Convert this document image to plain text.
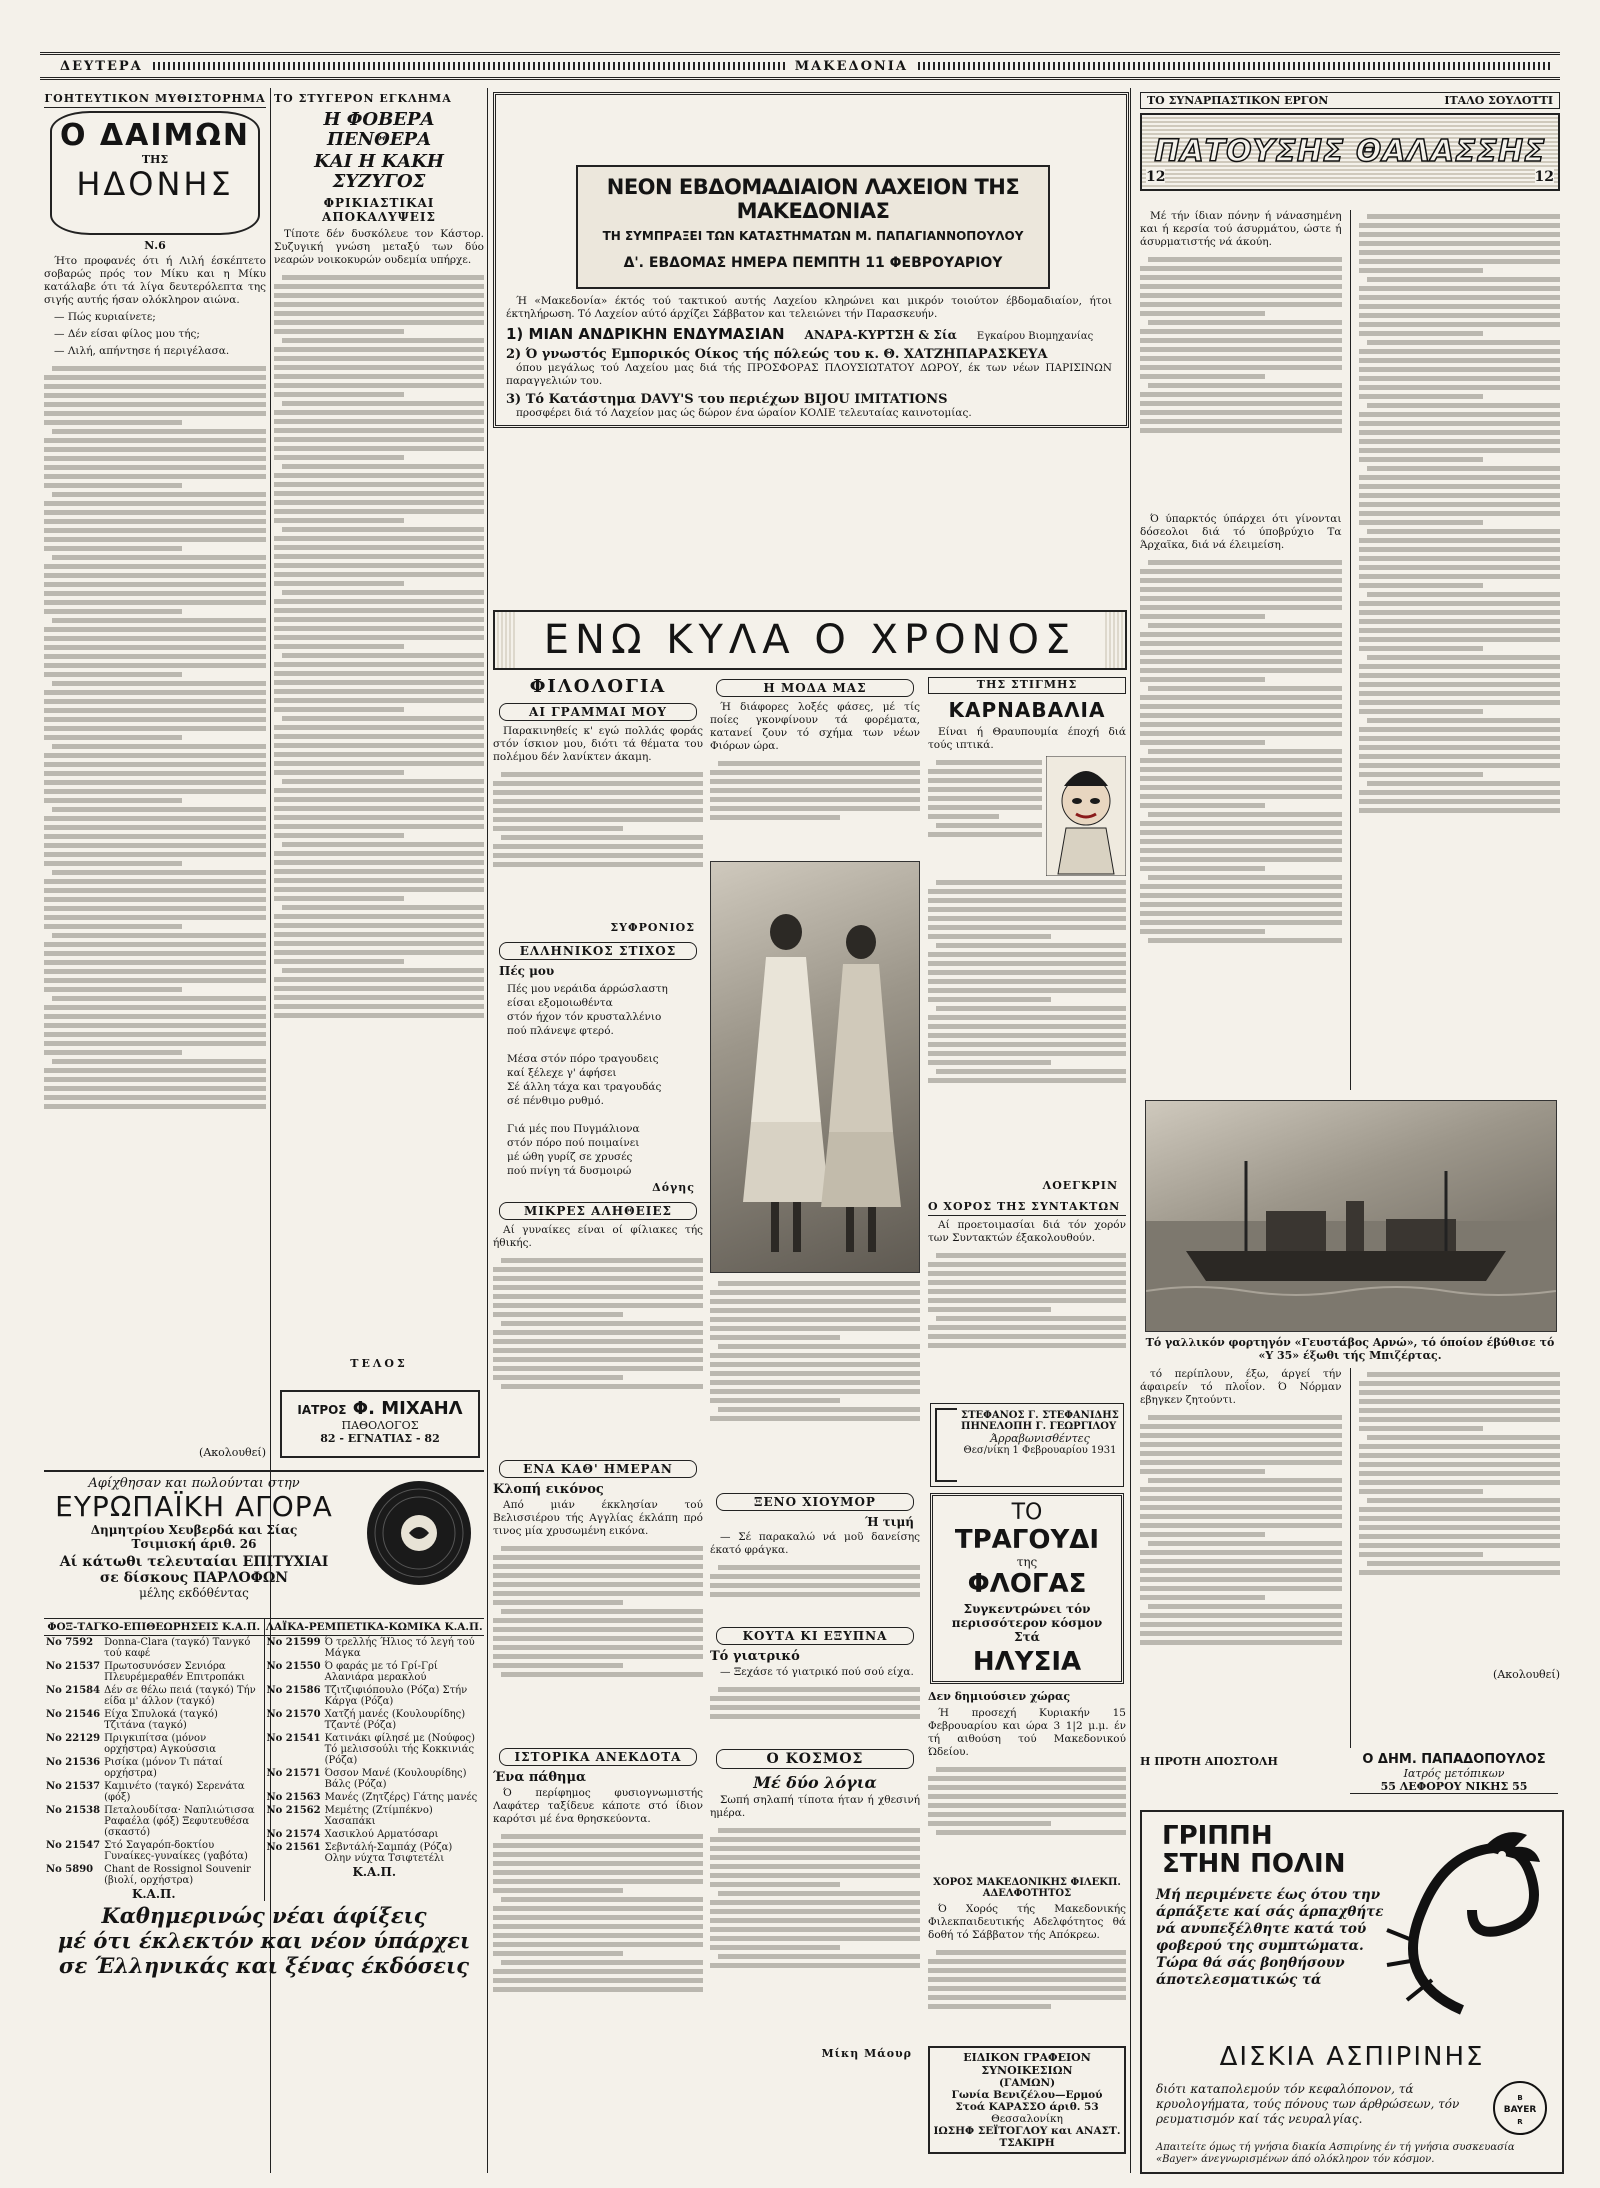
ΔΕΥΤΕΡΑ	ΜΑΚΕΔΟΝΙΑ
ΓΟΗΤΕΥΤΙΚΟΝ ΜΥΘΙΣΤΟΡΗΜΑ
Ο ΔΑΙΜΩΝ
ΤΗΣ
ΗΔΟΝΗΣ
Ν.6

Ήτο προφανές ότι ή Λιλή έσκέπτετο σοβαρώς πρός τον Μίκυ και η Μίκυ κατάλαβε ότι τά λίγα δευτερόλεπτα της σιγής αυτής ήσαν ολόκληρον αιώνα.

— Πώς κυριαίνετε;

— Δέν είσαι φίλος μου τής;

— Λιλή, απήντησε ή περιγέλασα.

(Ακολουθεί)
ΤΟ ΣΤΥΓΕΡΟΝ ΕΓΚΛΗΜΑ
Η ΦΟΒΕΡΑ ΠΕΝΘΕΡΑ
ΚΑΙ Η ΚΑΚΗ ΣΥΖΥΓΟΣ
ΦΡΙΚΙΑΣΤΙΚΑΙ ΑΠΟΚΑΛΥΨΕΙΣ

Τίποτε δέν δυσκόλευε τον Κάστορ. Συζυγική γνώση μεταξύ των δύο νεαρών νοικοκυρών ουδεμία υπήρχε.

ΤΕΛΟΣ
ΙΑΤΡΟΣ Φ. ΜΙΧΑΗΛ
ΠΑΘΟΛΟΓΟΣ
82 - ΕΓΝΑΤΙΑΣ - 82
Αφίχθησαν και πωλούνται στην
ΕΥΡΩΠΑΪΚΗ ΑΓΟΡΑ
Δημητρίου Χευβερδά και Σίας
Τσιμισκή άριθ. 26
Αί κάτωθι τελευταίαι ΕΠΙΤΥΧΙΑΙ
σε δίσκους ΠΑΡΛΟΦΩΝ
μέλης εκδόθέντας
ΦΟΞ-ΤΑΓΚΟ-ΕΠΙΘΕΩΡΗΣΕΙΣ Κ.Α.Π.
No 7592	Donna-Clara (ταγκό) Τανγκό τού καφέ
No 21537	Πρωτοσυνόσεν Σενιόρα Πλευρέμεραθέν Επιτροπάκι
No 21584	Δέν σε θέλω πειά (ταγκό) Τήν είδα μ' άλλον (ταγκό)
No 21546	Είχα Σπυλοκά (ταγκό) Τζιτάνα (ταγκό)
No 22129	Πριγκιπίτσα (μόνον ορχήστρα) Αγκούσσια
No 21536	Ρισίκα (μόνον Τι πάταί ορχήστρα)
No 21537	Καμινέτο (ταγκό) Σερενάτα (φόξ)
No 21538	Πεταλουδίτσα· Ναπλιώτισσα Ραφαέλα (φόξ) Ξεφυτευθέσα (σκαστό)
No 21547	Στό Σαγαρόπ-δοκτίου Γυναίκες-γυναίκες (γαβότα)
No 5890	Chant de Rossignol Souvenir (βιολί, ορχήστρα)
Κ.Α.Π.
ΛΑΪΚΑ-ΡΕΜΠΕΤΙΚΑ-ΚΩΜΙΚΑ Κ.Α.Π.
No 21599	Ό τρελλής Ήλιος τό λεγή τού Μάγκα
No 21550	Ό φαράς με τό Γρί-Γρί Αλανιάρα μερακλού
No 21586	Τζιτζιφιόπουλο (Ρόζα) Στήν Κάργα (Ρόζα)
No 21570	Χατζή μανές (Κουλουρίδης) Τζαντέ (Ρόζα)
No 21541	Κατινάκι φίλησέ με (Νούφος) Τό μελισσούλι τής Κοκκινιάς (Ρόζα)
No 21571	Όσσον Μανέ (Κουλουρίδης) Βάλς (Ρόζα)
No 21563	Μανές (Ζητζέρς) Γάτης μανές
No 21562	Μεμέτης (Ζτίμπέκνο) Χασαπάκι
No 21574	Χασικλού Αρματόσαρι
No 21561	Σεβντάλή-Σαμπάχ (Ρόζα) Ολην νύχτα Τσιφτετέλι
Κ.Α.Π.
Καθημερινώς νέαι άφίξεις
μέ ότι έκλεκτόν και νέον ύπάρχει
σε Έλληνικάς και ξένας έκδόσεις
ΝΕΟΝ ΕΒΔΟΜΑΔΙΑΙΟΝ ΛΑΧΕΙΟΝ ΤΗΣ ΜΑΚΕΔΟΝΙΑΣ
ΤΗ ΣΥΜΠΡΑΞΕΙ ΤΩΝ ΚΑΤΑΣΤΗΜΑΤΩΝ Μ. ΠΑΠΑΓΙΑΝΝΟΠΟΥΛΟΥ
Δ'. ΕΒΔΟΜΑΣ ΗΜΕΡΑ ΠΕΜΠΤΗ 11 ΦΕΒΡΟΥΑΡΙΟΥ

Ή «Μακεδονία» έκτός τού τακτικού αυτής Λαχείου κληρώνει και μικρόν τοιούτον έβδομαδιαίον, ήτοι έκτηλήρωση. Τό Λαχείον αύτό άρχίζει Σάββατον και τελειώνει τήν Παρασκευήν.

1) ΜΙΑΝ ΑΝΔΡΙΚΗΝ ΕΝΔΥΜΑΣΙΑΝ ΑΝΑΡΑ-ΚΥΡΤΣΗ & Σία Εγκαίρου Βιομηχανίας
2) Ό γνωστός Εμπορικός Οίκος τής πόλεώς του κ. Θ. ΧΑΤΖΗΠΑΡΑΣΚΕΥΑ

όπου μεγάλως τού Λαχείου μας διά τής ΠΡΟΣΦΟΡΑΣ ΠΛΟΥΣΙΩΤΑΤΟΥ ΔΩΡΟΥ, έκ των νέων ΠΑΡΙΣΙΝΩΝ παραγγελιών του.

3) Τό Κατάστημα DAVY'S του περιέχων BIJOU IMITATIONS

προσφέρει διά τό Λαχείον μας ώς δώρον ένα ώραίον ΚΟΛΙΕ τελευταίας καινοτομίας.

ΕΝΩ ΚΥΛΑ Ο ΧΡΟΝΟΣ
ΦΙΛΟΛΟΓΙΑ
ΑΙ ΓΡΑΜΜΑΙ ΜΟΥ

Παρακινηθείς κ' εγώ πολλάς φοράς στόν ίσκιον μου, διότι τά θέματα του πολέμου δέν λανίκτεν άκαμη.

ΣΥΦΡΟΝΙΟΣ
ΕΛΛΗΝΙΚΟΣ ΣΤΙΧΟΣ
Πές μου
Πές μου νεράιδα άρρώσλαστη
είσαι εξομοιωθέντα
στόν ήχον τόν κρυσταλλένιο
πού πλάνεψε φτερό.

Μέσα στόν πόρο τραγουδεις
καί ξέλεχε γ' άφήσει
Σέ άλλη τάχα και τραγουδάς
σέ πένθιμο ρυθμό.

Γιά μές που Πυγμάλιονα
στόν πόρο πού ποιμαίνει
μέ ώθη γυρίζ σε χρυσές
πού πνίγη τά δυσμοιρώ
Δόγης
ΜΙΚΡΕΣ ΑΛΗΘΕΙΕΣ

Αί γυναίκες είναι οί φίλιακες τής ήθικής.

ΕΝΑ ΚΑΘ' ΗΜΕΡΑΝ
Κλοπή εικόνος

Από μιάν έκκλησίαν τού Βελισσιέρου τής Αγγλίας έκλάπη πρό τινος μία χρυσωμένη εικόνα.

ΙΣΤΟΡΙΚΑ ΑΝΕΚΔΟΤΑ
Ένα πάθημα

Ό περίφημος φυσιογνωμιστής Λαφάτερ ταξίδευε κάποτε στό ίδιον καρότσι μέ ένα θρησκεύοντα.

Η ΜΟΔΑ ΜΑΣ

Ή διάφορες λοξές φάσες, μέ τίς ποίες γκονφίνουν τά φορέματα, κατανεί ζουν τό σχήμα των νέων Φιόρων ώρα.

ΞΕΝΟ ΧΙΟΥΜΟΡ
Ή τιμή

— Σέ παρακαλώ νά μοῦ δανείσης έκατό φράγκα.

ΚΟΥΤΑ ΚΙ ΕΞΥΠΝΑ
Τό γιατρικό

— Ξεχάσε τό γιατρικό πού σού είχα.

Ο ΚΟΣΜΟΣ
Μέ δύο λόγια

Σωπή σηλαπή τίποτα ήταν ή χθεσινή ημέρα.

Μίκη Μάουρ
ΤΗΣ ΣΤΙΓΜΗΣ
ΚΑΡΝΑΒΑΛΙΑ

Είναι ή Θραυπουμία έποχή διά τούς ιπτικά.

ΛΟΕΓΚΡΙΝ
Ο ΧΟΡΟΣ ΤΗΣ ΣΥΝΤΑΚΤΩΝ

Αί προετοιμασίαι διά τόν χορόν των Συντακτών έξακολουθούν.

ΣΤΕΦΑΝΟΣ Γ. ΣΤΕΦΑΝΙΔΗΣ
ΠΗΝΕΛΟΠΗ Γ. ΓΕΩΡΓΙΛΟΥ
Άρραβωνισθέντες
Θεσ/νίκη 1 Φεβρουαρίου 1931
ΤΟ
ΤΡΑΓΟΥΔΙ
της
ΦΛΟΓΑΣ
Συγκεντρώνει τόν περισσότερον κόσμον Στά
ΗΛΥΣΙΑ
Δεν δημιούσιεν χώρας

Ή προσεχή Κυριακήν 15 Φεβρουαρίου και ώρα 3 1|2 μ.μ. έν τή αιθούση τού Μακεδονικού Ώδείου.

ΧΟΡΟΣ ΜΑΚΕΔΟΝΙΚΗΣ ΦΙΛΕΚΠ. ΑΔΕΛΦΟΤΗΤΟΣ

Ό Χορός τής Μακεδονικής Φιλεκπαιδευτικής Αδελφότητος θά δοθή τό Σάββατον τής Απόκρεω.

ΕΙΔΙΚΟΝ ΓΡΑΦΕΙΟΝ ΣΥΝΟΙΚΕΣΙΩΝ
(ΓΑΜΩΝ)
Γωνία Βενιζέλου—Ερμού
Στοά ΚΑΡΑΣΣΟ άριθ. 53
Θεσσαλονίκη
ΙΩΣΗΦ ΣΕΪΤΟΓΛΟΥ και ΑΝΑΣΤ. ΤΣΑΚΙΡΗ
ΤΟ ΣΥΝΑΡΠΑΣΤΙΚΟΝ ΕΡΓΟΝ	ΙΤΑΛΟ ΣΟΥΛΟΤΤΙ
ΠΑΤΟΥΣΗΣ ΘΑΛΑΣΣΗΣ
12	12

Μέ τήν ίδιαν πόνην ή νάνασημένη και ή κερσία τού άσυρμάτου, ώστε ή άσυρματιστής νά άκούη.

Ό ύπαρκτός ύπάρχει ότι γίνονται δόσεολοι διά τό ύποβρύχιο Τα Άρχαϊκα, διά νά έλειμείση.

Τό γαλλικόν φορτηγόν «Γευστάβος Αρνώ», τό όποίον έβύθισε τό «Υ 35» έξωθι τής Μπιζέρτας.

τό περίπλουν, έξω, άργεί τήν άφαιρείν τό πλοΐον. Ό Νόρμαν εβηγκεν ζητούντι.

(Ακολουθεί)
Η ΠΡΟΤΗ ΑΠΟΣΤΟΛΗ	Ο ΔΗΜ. ΠΑΠΑΔΟΠΟΥΛΟΣ
Ιατρός μετόπικων
55 ΛΕΦΟΡΟΥ ΝΙΚΗΣ 55
ΓΡΙΠΠΗ
ΣΤΗΝ ΠΟΛΙΝ
Μή περιμένετε έως ότου την άρπάξετε καί σάς άρπαχθήτε νά ανυπεξέλθητε κατά τού φοβερού της συμπτώματα. Τώρα θά σάς βοηθήσουν άποτελεσματικώς τά
ΔΙΣΚΙΑ ΑΣΠΙΡΙΝΗΣ
διότι καταπολεμούν τόν κεφαλόπονον, τά κρυολογήματα, τούς πόνους των άρθρώσεων, τόν ρευματισμόν καί τάς νευραλγίας.
B
BAYER
R
Απαιτείτε όμως τή γνήσια διακία Ασπιρίνης έν τή γνήσια συσκευασία «Bayer» άνεγνωρισμένων άπό ολόκληρον τόν κόσμον.
